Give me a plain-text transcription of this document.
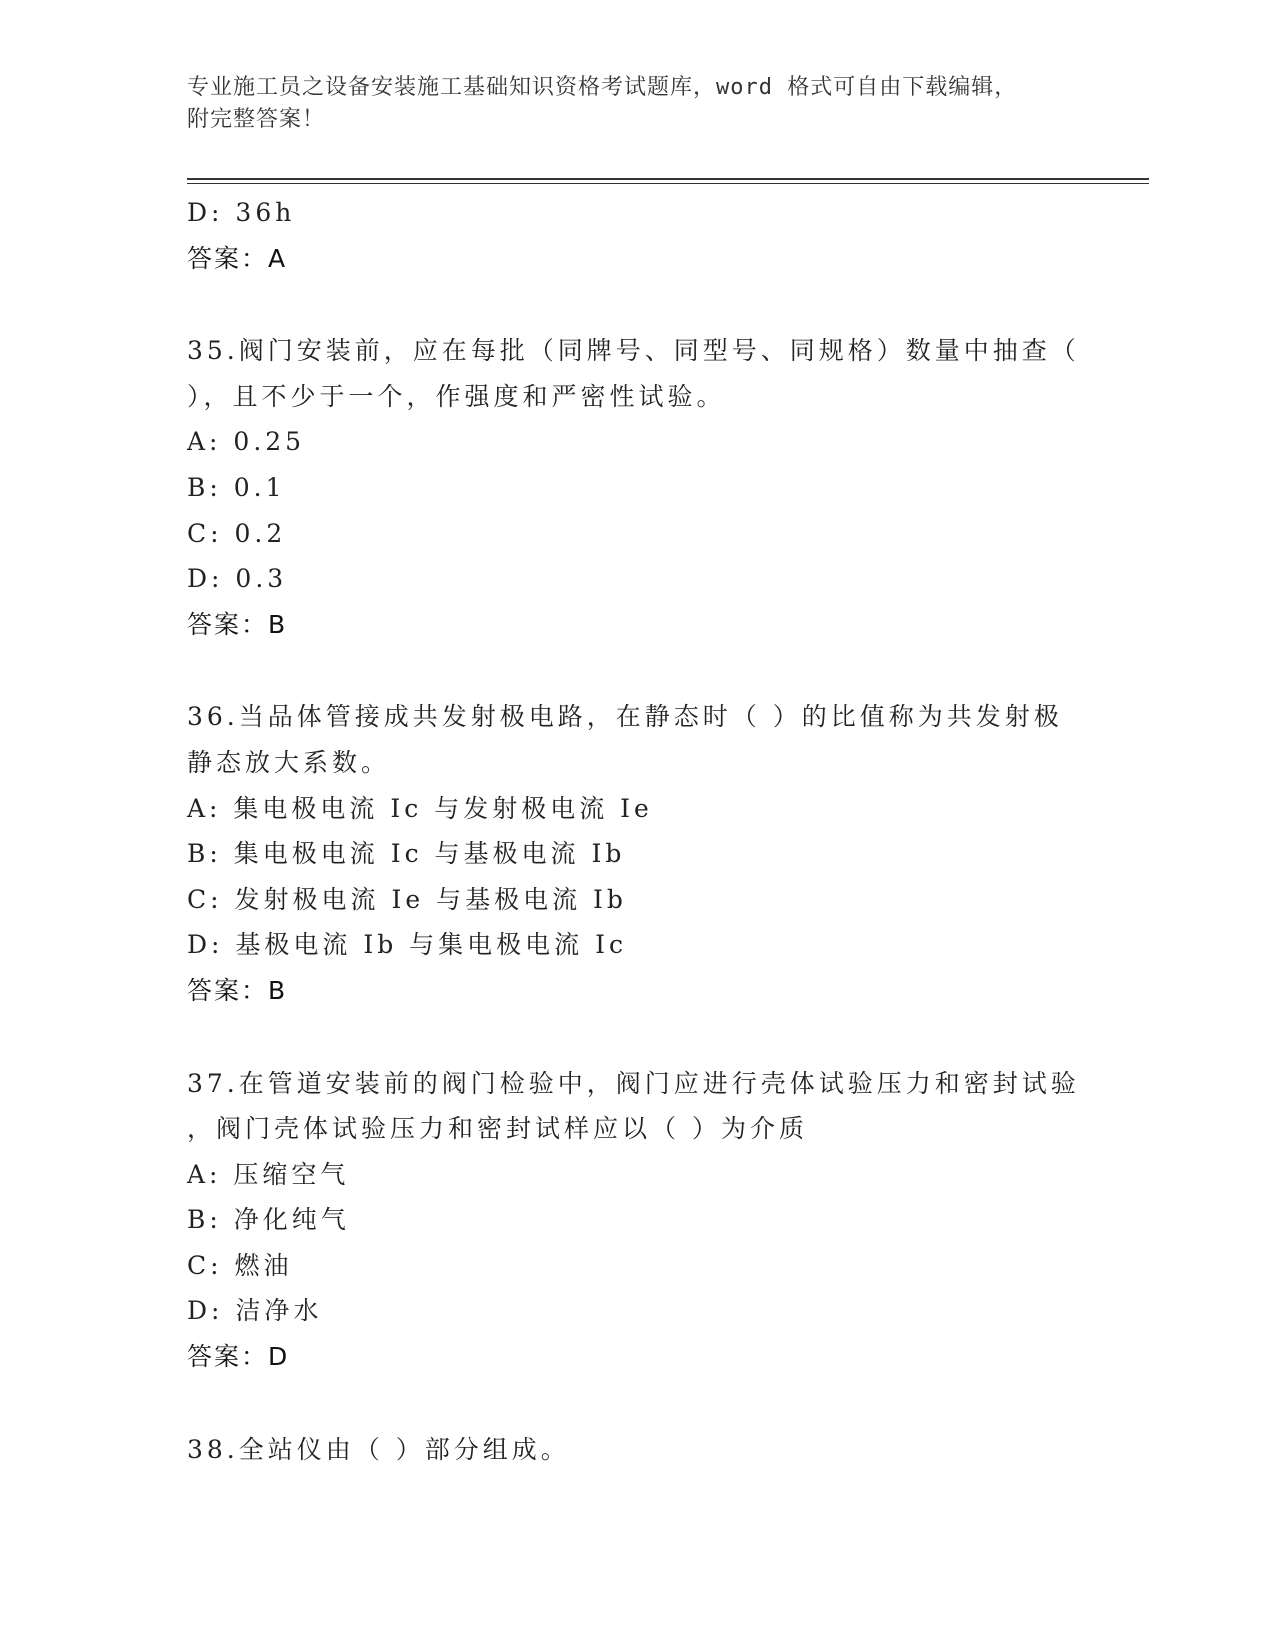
专业施工员之设备安装施工基础知识资格考试题库，word 格式可自由下载编辑，
附完整答案！
D: 36h
答案：A
35.阀门安装前，应在每批（同牌号、同型号、同规格）数量中抽查（
），且不少于一个，作强度和严密性试验。
A: 0.25
B: 0.1
C: 0.2
D: 0.3
答案：B
36.当品体管接成共发射极电路，在静态时（ ）的比值称为共发射极
静态放大系数。
A: 集电极电流 Ic 与发射极电流 Ie
B: 集电极电流 Ic 与基极电流 Ib
C: 发射极电流 Ie 与基极电流 Ib
D: 基极电流 Ib 与集电极电流 Ic
答案：B
37.在管道安装前的阀门检验中，阀门应进行壳体试验压力和密封试验
，阀门壳体试验压力和密封试样应以（ ）为介质
A: 压缩空气
B: 净化纯气
C: 燃油
D: 洁净水
答案：D
38.全站仪由（ ）部分组成。
